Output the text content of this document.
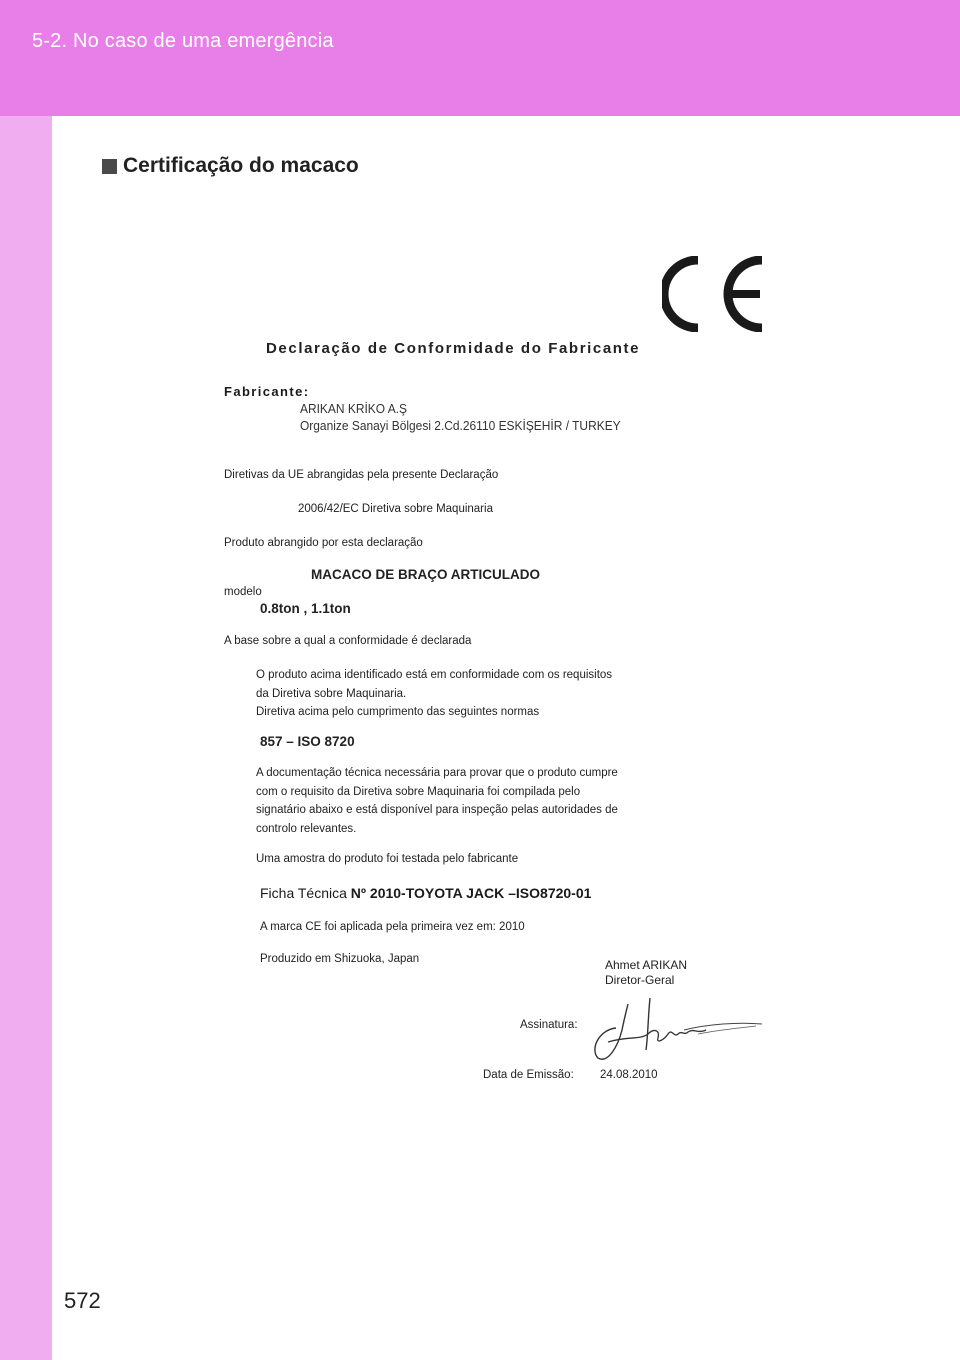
5-2. No caso de uma emergência
572
Certificação do macaco
Declaração de Conformidade do Fabricante
Fabricante:
ARIKAN KRİKO A.Ş
Organize Sanayi Bölgesi 2.Cd.26110 ESKİŞEHİR / TURKEY
Diretivas da UE abrangidas pela presente Declaração
2006/42/EC Diretiva sobre Maquinaria
Produto abrangido por esta declaração
MACACO DE BRAÇO ARTICULADO
modelo
0.8ton , 1.1ton
A base sobre a qual a conformidade é declarada

O produto acima identificado está em conformidade com os requisitos

da Diretiva sobre Maquinaria.

Diretiva acima pelo cumprimento das seguintes normas

857 – ISO 8720

A documentação técnica necessária para provar que o produto cumpre

com o requisito da Diretiva sobre Maquinaria foi compilada pelo

signatário abaixo e está disponível para inspeção pelas autoridades de

controlo relevantes.

Uma amostra do produto foi testada pelo fabricante
Ficha Técnica Nº 2010-TOYOTA JACK –ISO8720-01
A marca CE foi aplicada pela primeira vez em: 2010
Produzido em Shizuoka, Japan	Ahmet ARIKAN
Diretor-Geral
Assinatura:
Data de Emissão: 24.08.2010
